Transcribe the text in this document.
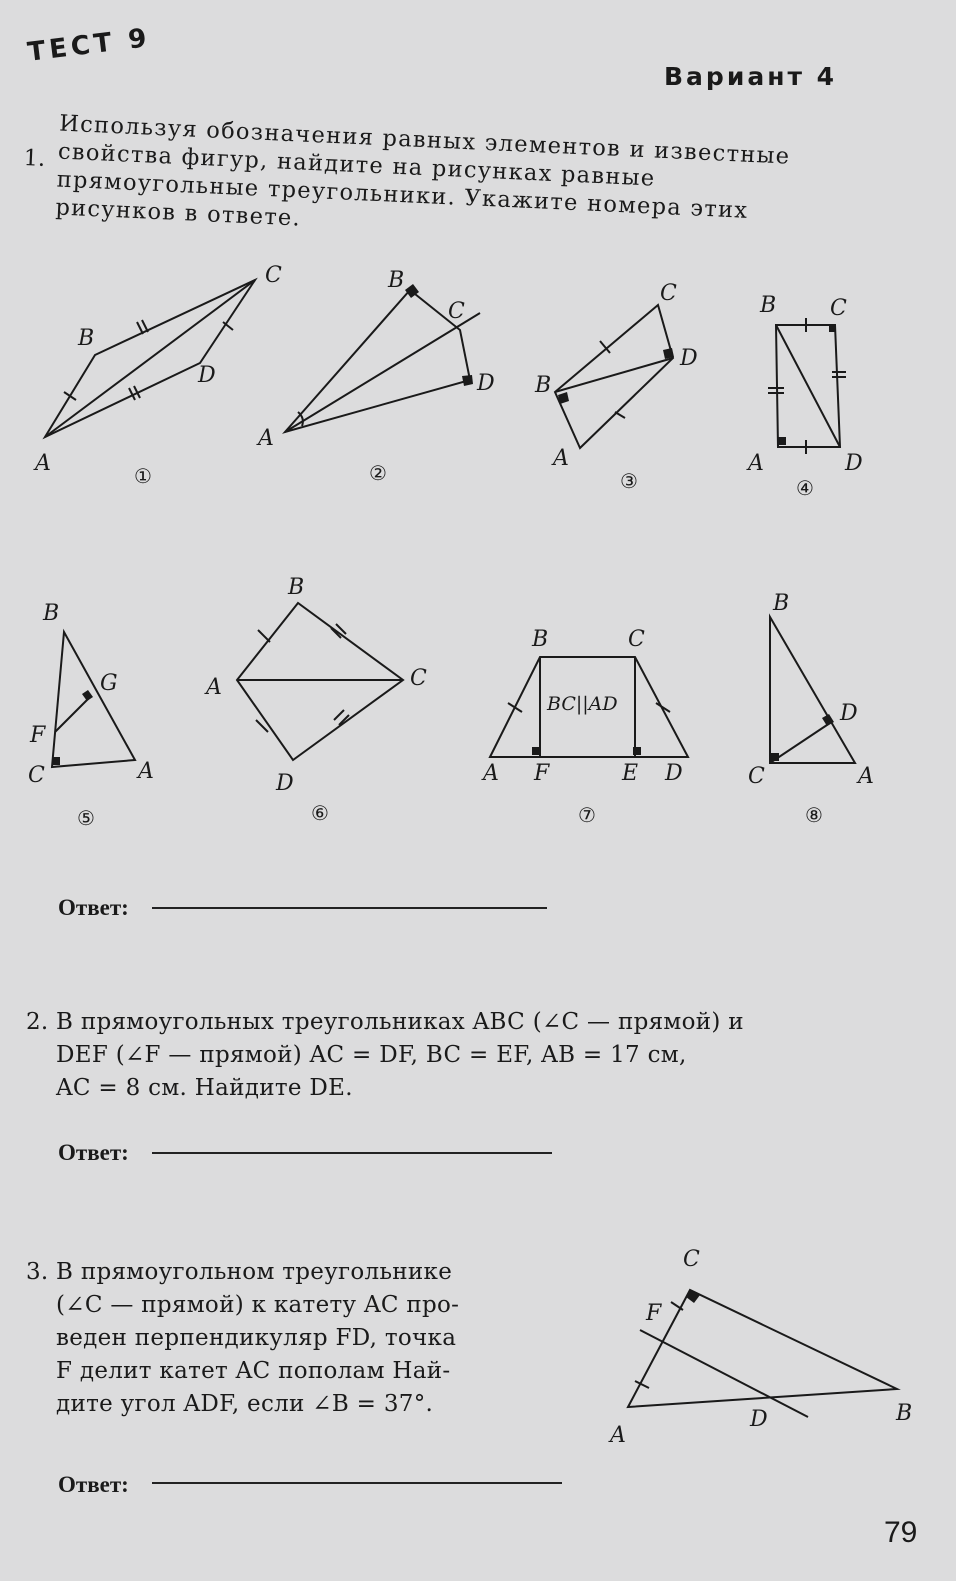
ТЕСТ 9
Вариант 4
1. Используя обозначения равных элементов и известные свойства фигур, найдите на рисунках равные прямоугольные треугольники. Укажите номера этих рисунков в ответе.
A
B
C
D
①
A
B
C
D
②
A
B
C
D
③
A
B C
D
④
A
B
C
F
G
⑤
A
B
C
D
⑥
A
B	C
D
E
F
BC||AD
⑦
A
B
C
D
⑧
A
B
C
D
F
Ответ:
2. В прямоугольных треугольниках ABC (∠C — прямой) и
DEF (∠F — прямой) AC = DF, BC = EF, AB = 17 см,
AC = 8 см. Найдите DE.
Ответ:
3. В прямоугольном треугольнике
(∠C — прямой) к катету AC про-
веден перпендикуляр FD, точка
F делит катет AC пополам Най-
дите угол ADF, если ∠B = 37°.
Ответ:
79
